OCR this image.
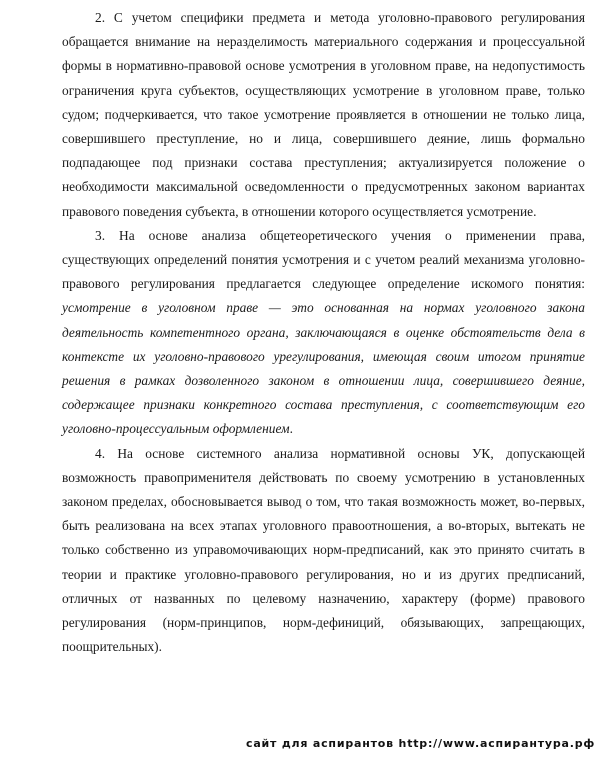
2. С учетом специфики предмета и метода уголовно-правового регулирования обращается внимание на неразделимость материального содержания и процессуальной формы в нормативно-правовой основе усмотрения в уголовном праве, на недопустимость ограничения круга субъектов, осуществляющих усмотрение в уголовном праве, только судом; подчеркивается, что такое усмотрение проявляется в отношении не только лица, совершившего преступление, но и лица, совершившего деяние, лишь формально подпадающее под признаки состава преступления; актуализируется положение о необходимости максимальной осведомленности о предусмотренных законом вариантах правового поведения субъекта, в отношении которого осуществляется усмотрение.

3. На основе анализа общетеоретического учения о применении права, существующих определений понятия усмотрения и с учетом реалий механизма уголовно-правового регулирования предлагается следующее определение искомого понятия: усмотрение в уголовном праве — это основанная на нормах уголовного закона деятельность компетентного органа, заключающаяся в оценке обстоятельств дела в контексте их уголовно-правового урегулирования, имеющая своим итогом принятие решения в рамках дозволенного законом в отношении лица, совершившего деяние, содержащее признаки конкретного состава преступления, с соответствующим его уголовно-процессуальным оформлением.

4. На основе системного анализа нормативной основы УК, допускающей возможность правоприменителя действовать по своему усмотрению в установленных законом пределах, обосновывается вывод о том, что такая возможность может, во-первых, быть реализована на всех этапах уголовного правоотношения, а во-вторых, вытекать не только собственно из управомочивающих норм-предписаний, как это принято считать в теории и практике уголовно-правового регулирования, но и из других предписаний, отличных от названных по целевому назначению, характеру (форме) правового регулирования (норм-принципов, норм-дефиниций, обязывающих, запрещающих, поощрительных).

сайт для аспирантов http://www.аспирантура.рф
